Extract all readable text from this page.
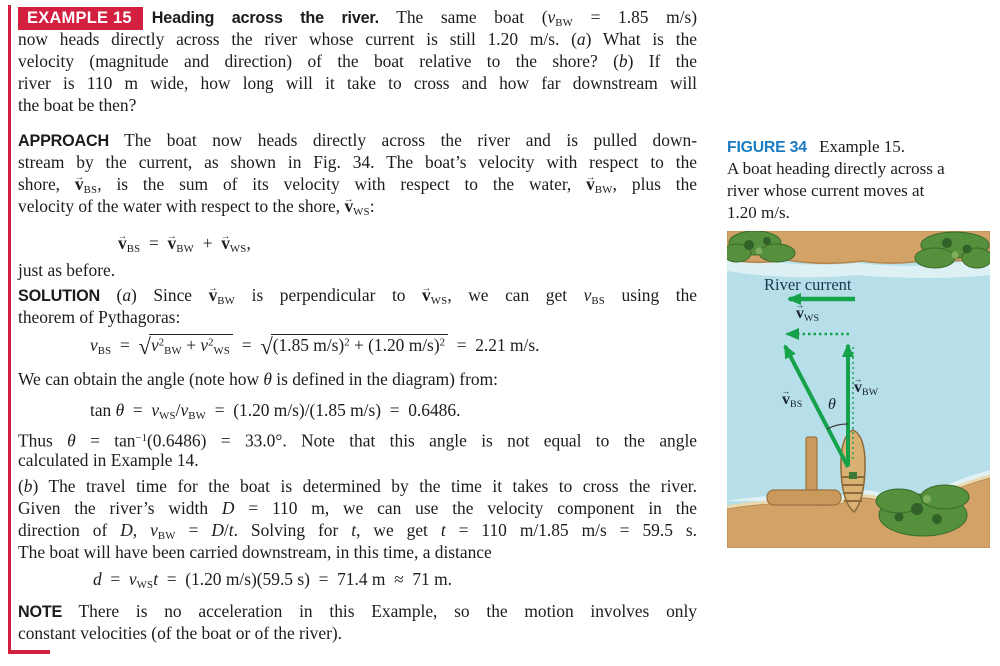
EXAMPLE 15 Heading across the river. The same boat (vBW = 1.85 m/s)
now heads directly across the river whose current is still 1.20 m/s. (a) What is the
velocity (magnitude and direction) of the boat relative to the shore? (b) If the
river is 110 m wide, how long will it take to cross and how far downstream will
the boat be then?
APPROACH The boat now heads directly across the river and is pulled down-
stream by the current, as shown in Fig. 34. The boat’s velocity with respect to the
shore, → vBS, is the sum of its velocity with respect to the water, → vBW, plus the
velocity of the water with respect to the shore, → vWS:
→ vBS  =  → vBW  +  → vWS,
just as before.
SOLUTION (a) Since → vBW is perpendicular to → vWS, we can get vBS using the
theorem of Pythagoras:
vBS  =  $√v^2BW + v^2WS = √(1.85$ m/s)$^2$ + (1.20 m/s)$^2$  =  2.21 m/s.
We can obtain the angle (note how θ is defined in the diagram) from:
tan θ  =  vWS/vBW  =  (1.20 m/s)/(1.85 m/s)  =  0.6486.
Thus $\theta = \tan^{-1}(0.6486) = 33.0^\circ$. Note that this angle is not equal to the angle
calculated in Example 14.
(b) The travel time for the boat is determined by the time it takes to cross the river.
Given the river’s width D = 110 m, we can use the velocity component in the
direction of D, vBW = D/t. Solving for t, we get t = 110 m/1.85 m/s = 59.5 s.
The boat will have been carried downstream, in this time, a distance
d  =  vWSt  =  (1.20 m/s)(59.5 s)  =  71.4 m  ≈  71 m.
NOTE There is no acceleration in this Example, so the motion involves only
constant velocities (of the boat or of the river).
FIGURE 34 Example 15.
A boat heading directly across a
river whose current moves at
1.20 m/s.
River current
→ vWS
→ vBW
→ vBS θ
